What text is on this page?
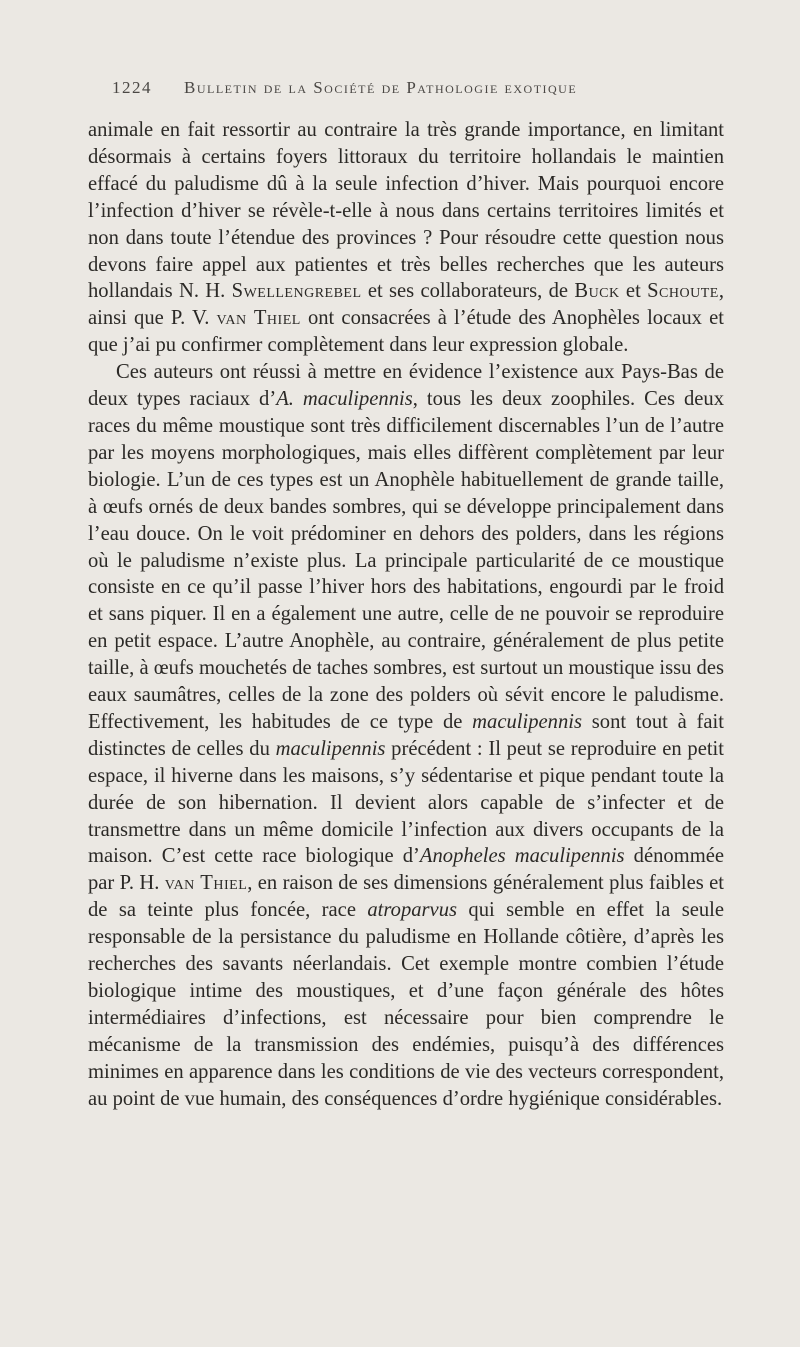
1224 Bulletin de la Société de Pathologie exotique

animale en fait ressortir au contraire la très grande importance, en limitant désormais à certains foyers littoraux du territoire hollandais le maintien effacé du paludisme dû à la seule infection d’hiver. Mais pourquoi encore l’infection d’hiver se révèle-t-elle à nous dans certains territoires limités et non dans toute l’étendue des provinces ? Pour résoudre cette question nous devons faire appel aux patientes et très belles recherches que les auteurs hollandais N. H. Swellengrebel et ses collaborateurs, de Buck et Schoute, ainsi que P. V. van Thiel ont consacrées à l’étude des Anophèles locaux et que j’ai pu confirmer complètement dans leur expression globale.

Ces auteurs ont réussi à mettre en évidence l’existence aux Pays-Bas de deux types raciaux d’A. maculipennis, tous les deux zoophiles. Ces deux races du même moustique sont très difficilement discernables l’un de l’autre par les moyens morphologiques, mais elles diffèrent complètement par leur biologie. L’un de ces types est un Anophèle habituellement de grande taille, à œufs ornés de deux bandes sombres, qui se développe principalement dans l’eau douce. On le voit prédominer en dehors des polders, dans les régions où le paludisme n’existe plus. La principale particularité de ce moustique consiste en ce qu’il passe l’hiver hors des habitations, engourdi par le froid et sans piquer. Il en a également une autre, celle de ne pouvoir se reproduire en petit espace. L’autre Anophèle, au contraire, généralement de plus petite taille, à œufs mouchetés de taches sombres, est surtout un moustique issu des eaux saumâtres, celles de la zone des polders où sévit encore le paludisme. Effectivement, les habitudes de ce type de maculipennis sont tout à fait distinctes de celles du maculipennis précédent : Il peut se reproduire en petit espace, il hiverne dans les maisons, s’y sédentarise et pique pendant toute la durée de son hibernation. Il devient alors capable de s’infecter et de transmettre dans un même domicile l’infection aux divers occupants de la maison. C’est cette race biologique d’Anopheles maculipennis dénommée par P. H. van Thiel, en raison de ses dimensions généralement plus faibles et de sa teinte plus foncée, race atroparvus qui semble en effet la seule responsable de la persistance du paludisme en Hollande côtière, d’après les recherches des savants néerlandais. Cet exemple montre combien l’étude biologique intime des moustiques, et d’une façon générale des hôtes intermédiaires d’infections, est nécessaire pour bien comprendre le mécanisme de la transmission des endémies, puisqu’à des différences minimes en apparence dans les conditions de vie des vecteurs correspondent, au point de vue humain, des conséquences d’ordre hygiénique considérables.
